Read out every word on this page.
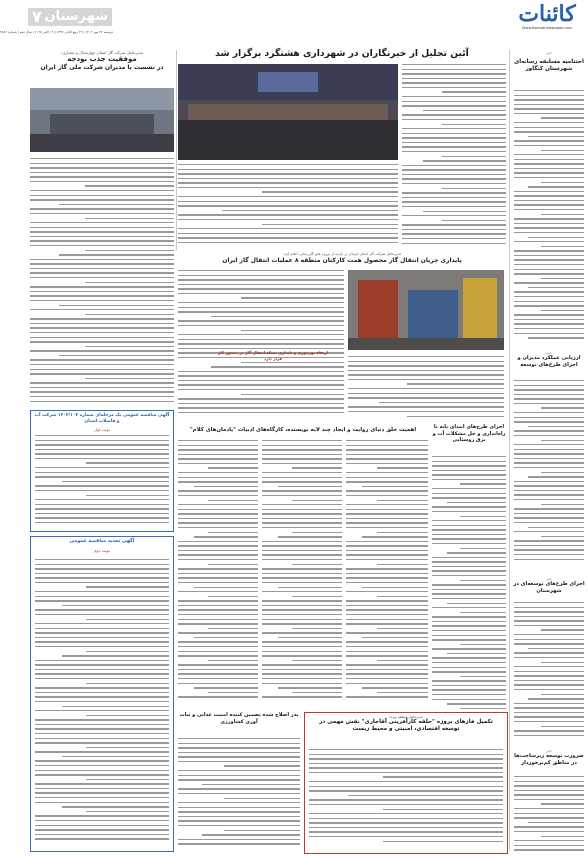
کائنات
Www.Kaenatnewspaper.com
۷ شهرستان
دوشنبه ۲۷ مهر ۱۴۰۴ | ۲۲ ربیع الثانی ۱۴۴۷ | ۱۹ اکتبر ۲۰۲۵ | سال دهم | شماره ۲۸۸۶
خبر
اختتامیه مسابقه رسانه‌ای شهرستان کنگاور
خبر
ارزیابی عملکرد مدیران و اجرای طرح‌های توسعه
خبر
اجرای طرح‌های توسعه‌ای در شهرستان
خبر
ضرورت توسعه زیرساخت‌ها در مناطق کم‌برخوردار
آئین تجلیل از خبرنگاران در شهرداری هشتگرد برگزار شد
مدیرعامل شرکت گاز استان چهارمحال و بختیاری:
موفقیت جذب بودجه
در نشست با مدیران شرکت ملی گاز ایران
مدیرعامل شرکت گاز استان کرمان در بازدید از پروژه های گازرسانی اعلام کرد:
پایداری جریان انتقال گاز محصول همت کارکنان منطقه ۸ عملیات انتقال گاز ایران
ارتقاء بهره‌وری و پایداری شبکه انتقال گاز در دستور کار قرار دارد
اجرای طرح‌های ابتدای پایه تا راه‌اندازی و حل مشکلات آب و برق روستایی
اهمیت خلق دنیای روایت و ایجاد چند لایه نویسنده، کارگاه‌های ادبیات "یادمان‌های کلام"
آگهی مناقصه عمومی یک مرحله‌ای شماره ۱۴۰۴/۱۰۴ شرکت آب و فاضلاب استان
نوبت اول
آگهی تجدید مناقصه عمومی
نوبت دوم
بذر اصلاح شده تضمین کننده امنیت غذایی و ثبات آوری کشاورزی
مدیرعامل منطقه ویژه:
تکمیل فازهای پروژه "حلقه کارآفرینی آقاجاری" نقش مهمی در توسعه اقتصادی، امنیتی و محیط زیست
